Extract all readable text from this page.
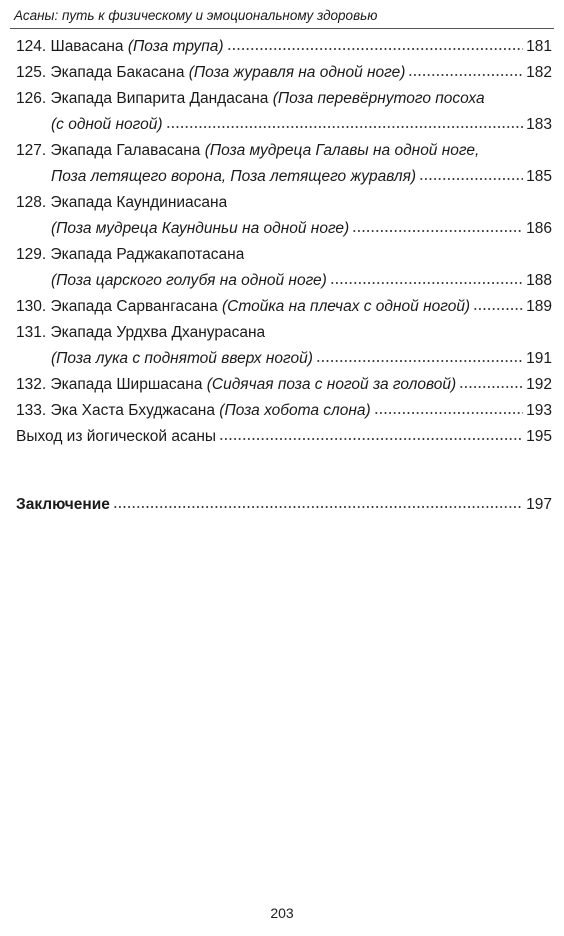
Асаны: путь к физическому и эмоциональному здоровью
124. Шавасана (Поза трупа)	181
125. Экапада Бакасана (Поза журавля на одной ноге)	182
126. Экапада Випарита Дандасана (Поза перевёрнутого посоха
(с одной ногой)	183
127. Экапада Галавасана (Поза мудреца Галавы на одной ноге,
Поза летящего ворона, Поза летящего журавля)	185
128. Экапада Каундиниасана
(Поза мудреца Каундиньи на одной ноге)	186
129. Экапада Раджакапотасана
(Поза царского голубя на одной ноге)	188
130. Экапада Сарвангасана (Стойка на плечах с одной ногой)	189
131. Экапада Урдхва Дханурасана
(Поза лука с поднятой вверх ногой)	191
132. Экапада Ширшасана (Сидячая поза с ногой за головой)	192
133. Эка Хаста Бхуджасана (Поза хобота слона)	193
Выход из йогической асаны	195
Заключение	197
203
